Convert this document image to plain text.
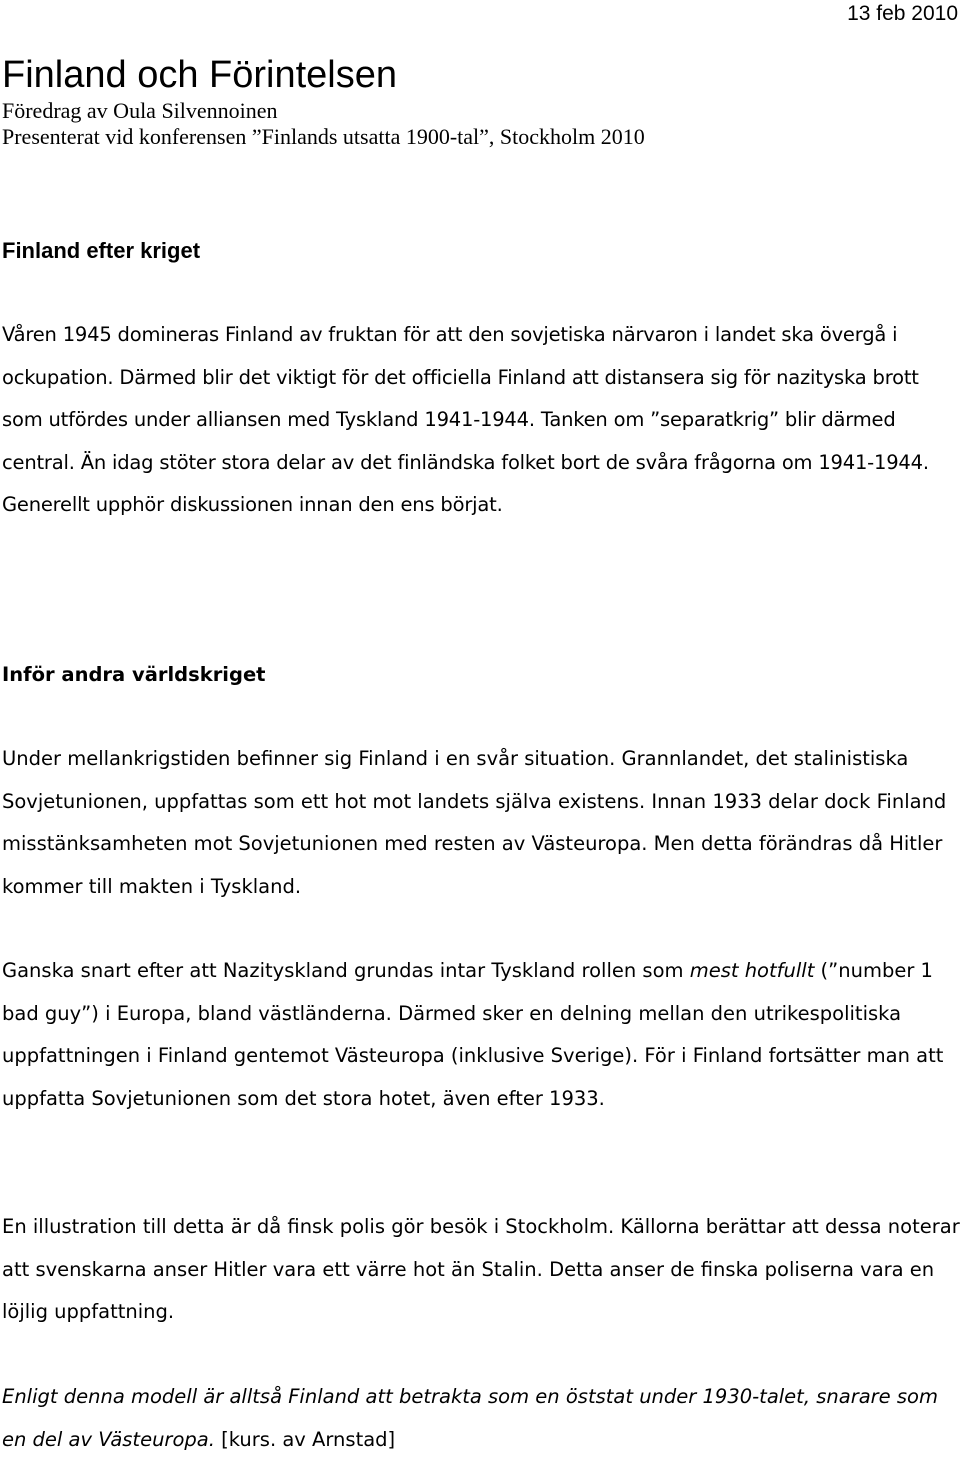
13 feb 2010
Finland och Förintelsen
Föredrag av Oula Silvennoinen
Presenterat vid konferensen ”Finlands utsatta 1900-tal”, Stockholm 2010
Finland efter kriget

Våren 1945 domineras Finland av fruktan för att den sovjetiska närvaron i landet ska övergå i ockupation. Därmed blir det viktigt för det officiella Finland att distansera sig för nazityska brott som utfördes under alliansen med Tyskland 1941-1944. Tanken om ”separatkrig” blir därmed central. Än idag stöter stora delar av det finländska folket bort de svåra frågorna om 1941-1944. Generellt upphör diskussionen innan den ens börjat.

Inför andra världskriget

Under mellankrigstiden befinner sig Finland i en svår situation. Grannlandet, det stalinistiska Sovjetunionen, uppfattas som ett hot mot landets själva existens. Innan 1933 delar dock Finland misstänksamheten mot Sovjetunionen med resten av Västeuropa. Men detta förändras då Hitler kommer till makten i Tyskland.

Ganska snart efter att Nazityskland grundas intar Tyskland rollen som mest hotfullt (”number 1 bad guy”) i Europa, bland västländerna. Därmed sker en delning mellan den utrikespolitiska uppfattningen i Finland gentemot Västeuropa (inklusive Sverige). För i Finland fortsätter man att uppfatta Sovjetunionen som det stora hotet, även efter 1933.

En illustration till detta är då finsk polis gör besök i Stockholm. Källorna berättar att dessa noterar att svenskarna anser Hitler vara ett värre hot än Stalin. Detta anser de finska poliserna vara en löjlig uppfattning.

Enligt denna modell är alltså Finland att betrakta som en öststat under 1930-talet, snarare som en del av Västeuropa. [kurs. av Arnstad]
